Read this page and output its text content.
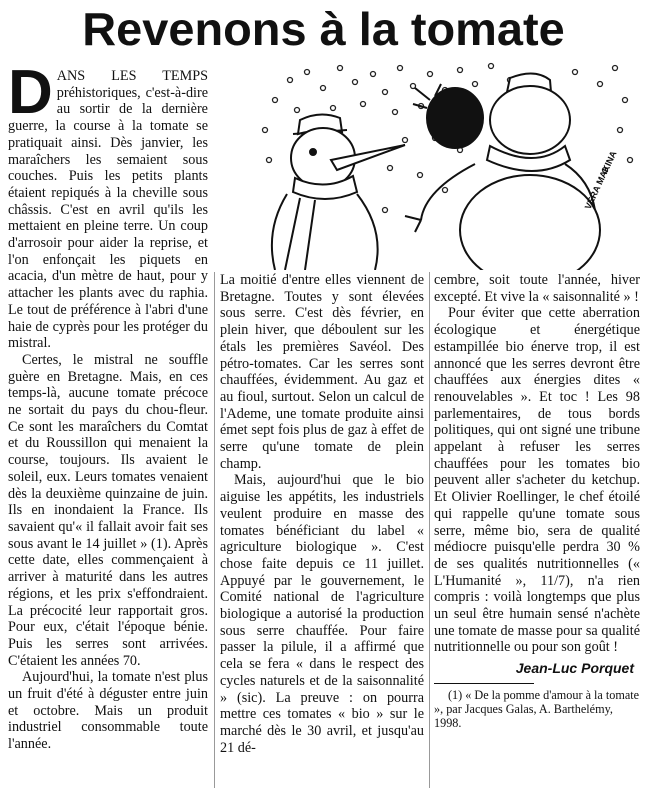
Revenons à la tomate
VERA MAKINA

DANS LES TEMPS préhistoriques, c'est-à-dire au sortir de la dernière guerre, la course à la tomate se pratiquait ainsi. Dès janvier, les maraîchers les semaient sous couches. Puis les petits plants étaient repiqués à la cheville sous châssis. C'est en avril qu'ils les mettaient en pleine terre. Un coup d'arrosoir pour aider la reprise, et l'on enfonçait les piquets en acacia, d'un mètre de haut, pour y attacher les plants avec du raphia. Le tout de préférence à l'abri d'une haie de cyprès pour les protéger du mistral.

Certes, le mistral ne souffle guère en Bretagne. Mais, en ces temps-là, aucune tomate précoce ne sortait du pays du chou-fleur. Ce sont les maraîchers du Comtat et du Roussillon qui menaient la course, toujours. Ils avaient le soleil, eux. Leurs tomates venaient dès la deuxième quinzaine de juin. Ils en inondaient la France. Ils savaient qu'« il fallait avoir fait ses sous avant le 14 juillet » (1). Après cette date, elles commençaient à arriver à maturité dans les autres régions, et les prix s'effondraient. La précocité leur rapportait gros. Pour eux, c'était l'époque bénie. Puis les serres sont arrivées. C'étaient les années 70.

Aujourd'hui, la tomate n'est plus un fruit d'été à déguster entre juin et octobre. Mais un produit industriel consommable toute l'année.

La moitié d'entre elles viennent de Bretagne. Toutes y sont élevées sous serre. C'est dès février, en plein hiver, que déboulent sur les étals les premières Savéol. Des pétro-tomates. Car les serres sont chauffées, évidemment. Au gaz et au fioul, surtout. Selon un calcul de l'Ademe, une tomate produite ainsi émet sept fois plus de gaz à effet de serre qu'une tomate de plein champ.

Mais, aujourd'hui que le bio aiguise les appétits, les industriels veulent produire en masse des tomates bénéficiant du label « agriculture biologique ». C'est chose faite depuis ce 11 juillet. Appuyé par le gouvernement, le Comité national de l'agriculture biologique a autorisé la production sous serre chauffée. Pour faire passer la pilule, il a affirmé que cela se fera « dans le respect des cycles naturels et de la saisonnalité » (sic). La preuve : on pourra mettre ces tomates « bio » sur le marché dès le 30 avril, et jusqu'au 21 dé-

cembre, soit toute l'année, hiver excepté. Et vive la « saisonnalité » !

Pour éviter que cette aberration écologique et énergétique estampillée bio énerve trop, il est annoncé que les serres devront être chauffées aux énergies dites « renouvelables ». Et toc ! Les 98 parlementaires, de tous bords politiques, qui ont signé une tribune appelant à refuser les serres chauffées pour les tomates bio peuvent aller s'acheter du ketchup. Et Olivier Roellinger, le chef étoilé qui rappelle qu'une tomate sous serre, même bio, sera de qualité médiocre puisqu'elle perdra 30 % de ses qualités nutritionnelles (« L'Humanité », 11/7), n'a rien compris : voilà longtemps que plus un seul être humain sensé n'achète une tomate de masse pour sa qualité nutritionnelle ou pour son goût !

Jean-Luc Porquet
(1) « De la pomme d'amour à la tomate », par Jacques Galas, A. Barthelémy, 1998.
